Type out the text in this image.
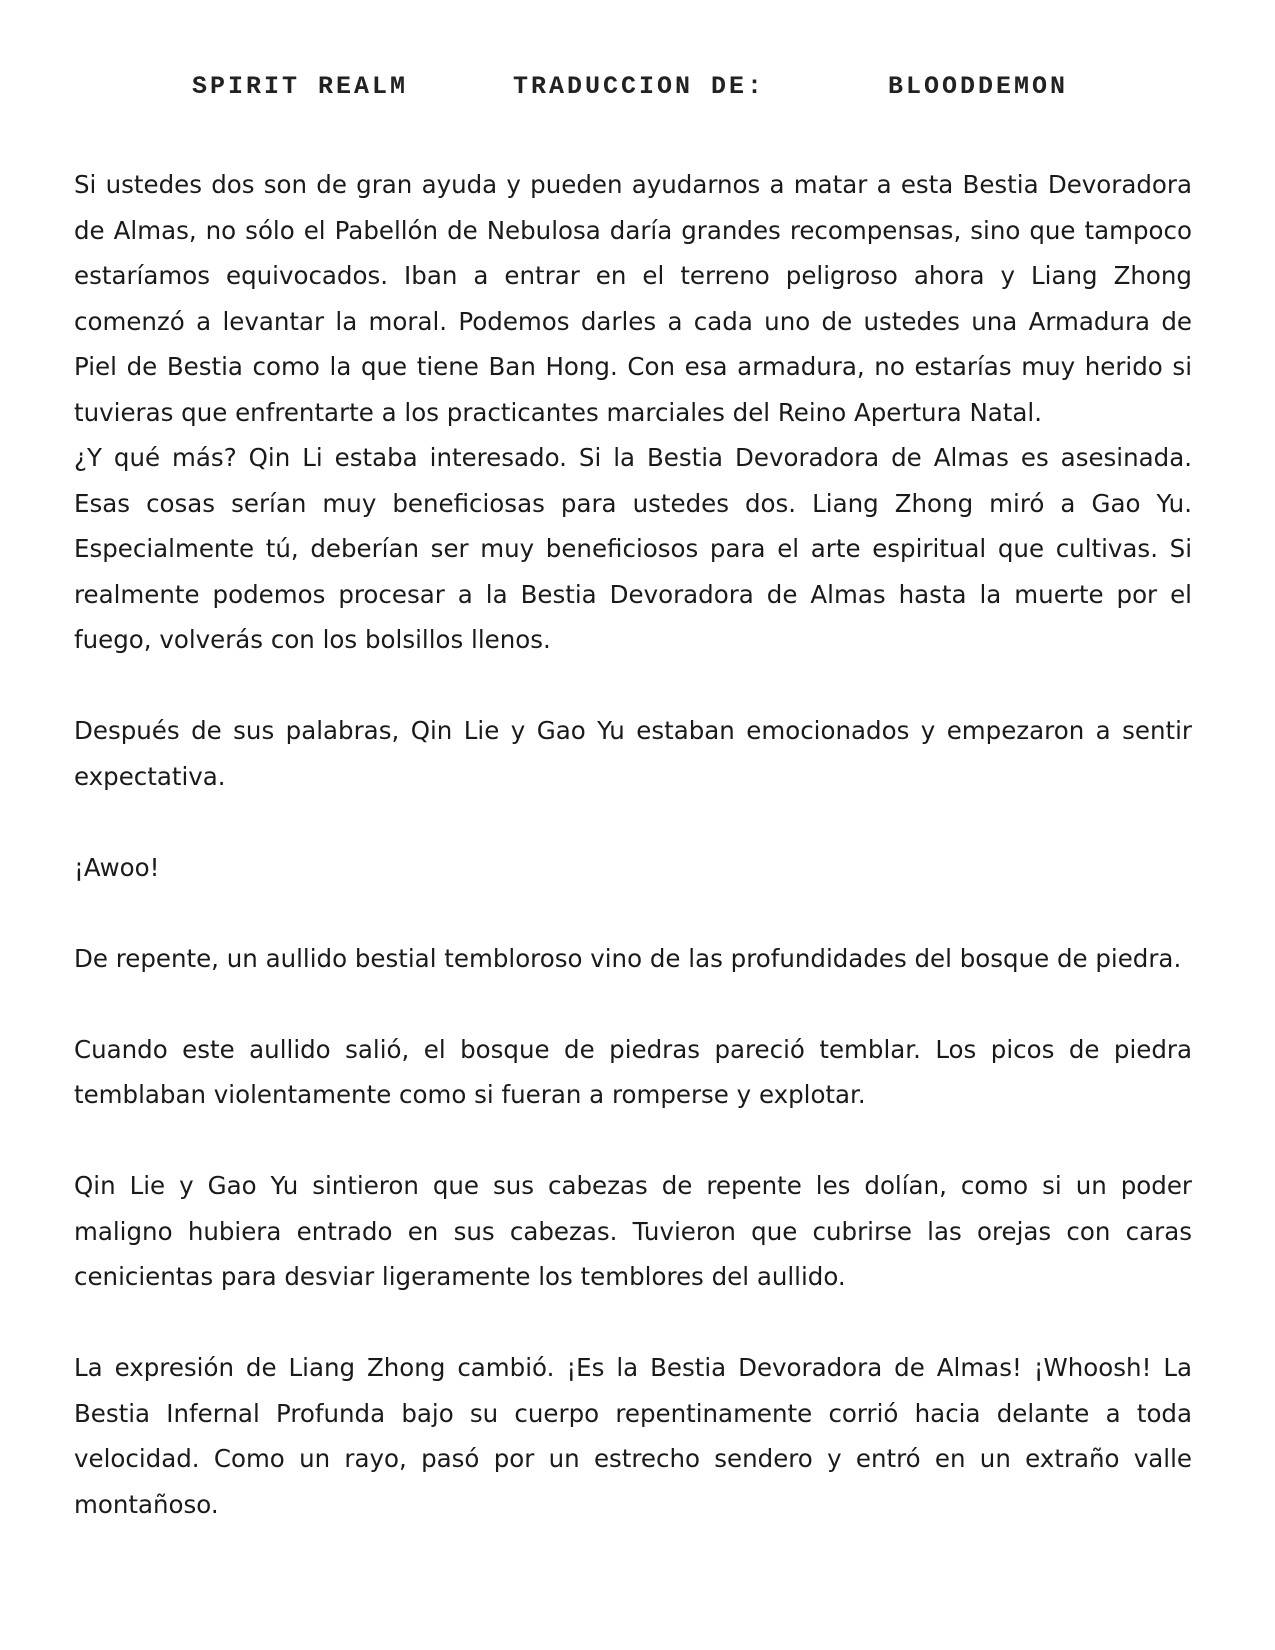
SPIRIT REALM	TRADUCCION DE:	BLOODDEMON

Si ustedes dos son de gran ayuda y pueden ayudarnos a matar a esta Bestia Devoradora de Almas, no sólo el Pabellón de Nebulosa daría grandes recompensas, sino que tampoco estaríamos equivocados. Iban a entrar en el terreno peligroso ahora y Liang Zhong comenzó a levantar la moral. Podemos darles a cada uno de ustedes una Armadura de Piel de Bestia como la que tiene Ban Hong. Con esa armadura, no estarías muy herido si tuvieras que enfrentarte a los practicantes marciales del Reino Apertura Natal.

¿Y qué más? Qin Li estaba interesado. Si la Bestia Devoradora de Almas es asesinada. Esas cosas serían muy beneficiosas para ustedes dos. Liang Zhong miró a Gao Yu. Especialmente tú, deberían ser muy beneficiosos para el arte espiritual que cultivas. Si realmente podemos procesar a la Bestia Devoradora de Almas hasta la muerte por el fuego, volverás con los bolsillos llenos.

Después de sus palabras, Qin Lie y Gao Yu estaban emocionados y empezaron a sentir expectativa.

¡Awoo!

De repente, un aullido bestial tembloroso vino de las profundidades del bosque de piedra.

Cuando este aullido salió, el bosque de piedras pareció temblar. Los picos de piedra temblaban violentamente como si fueran a romperse y explotar.

Qin Lie y Gao Yu sintieron que sus cabezas de repente les dolían, como si un poder maligno hubiera entrado en sus cabezas. Tuvieron que cubrirse las orejas con caras cenicientas para desviar ligeramente los temblores del aullido.

La expresión de Liang Zhong cambió. ¡Es la Bestia Devoradora de Almas! ¡Whoosh! La Bestia Infernal Profunda bajo su cuerpo repentinamente corrió hacia delante a toda velocidad. Como un rayo, pasó por un estrecho sendero y entró en un extraño valle montañoso.
